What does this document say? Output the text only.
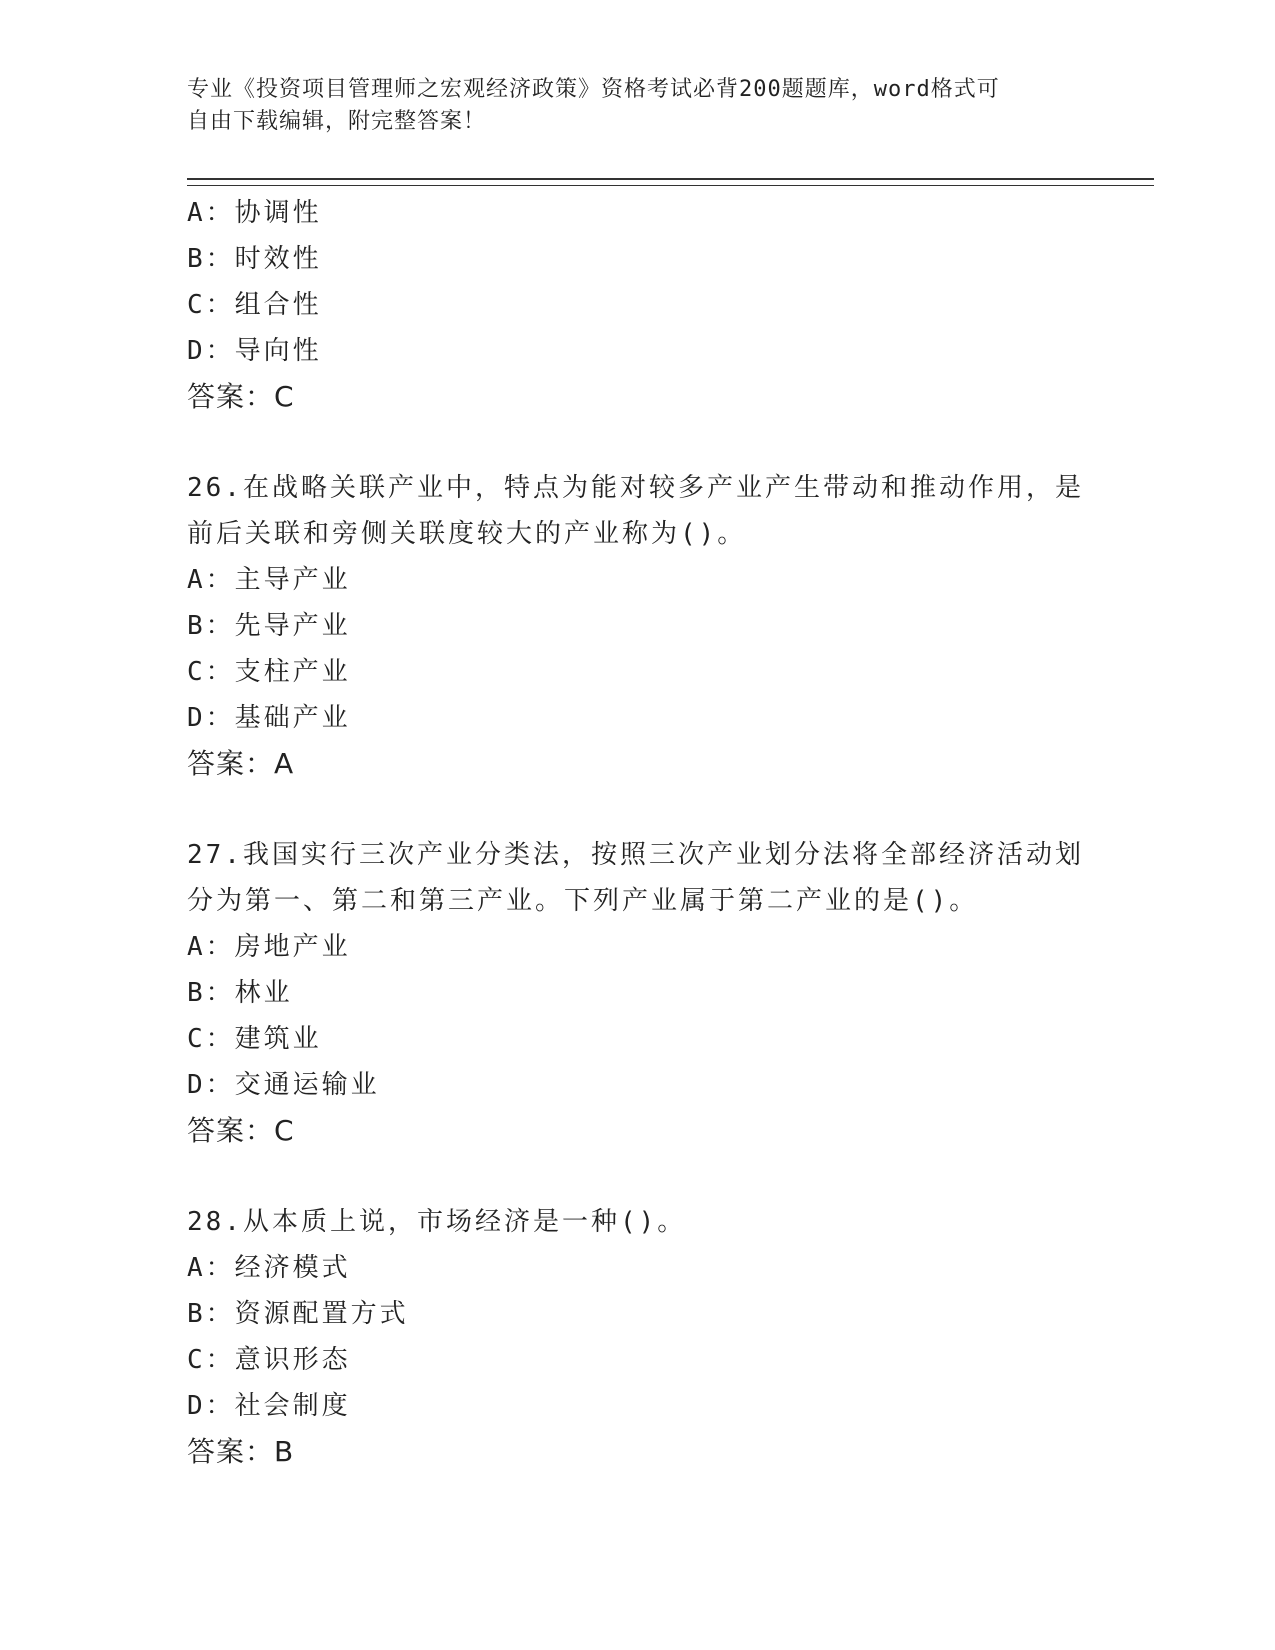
专业《投资项目管理师之宏观经济政策》资格考试必背200题题库，word格式可
自由下载编辑，附完整答案！
A：协调性
B：时效性
C：组合性
D：导向性
答案：C
26.在战略关联产业中，特点为能对较多产业产生带动和推动作用，是前后关联和旁侧关联度较大的产业称为()。
A：主导产业
B：先导产业
C：支柱产业
D：基础产业
答案：A
27.我国实行三次产业分类法，按照三次产业划分法将全部经济活动划分为第一、第二和第三产业。下列产业属于第二产业的是()。
A：房地产业
B：林业
C：建筑业
D：交通运输业
答案：C
28.从本质上说，市场经济是一种()。
A：经济模式
B：资源配置方式
C：意识形态
D：社会制度
答案：B
